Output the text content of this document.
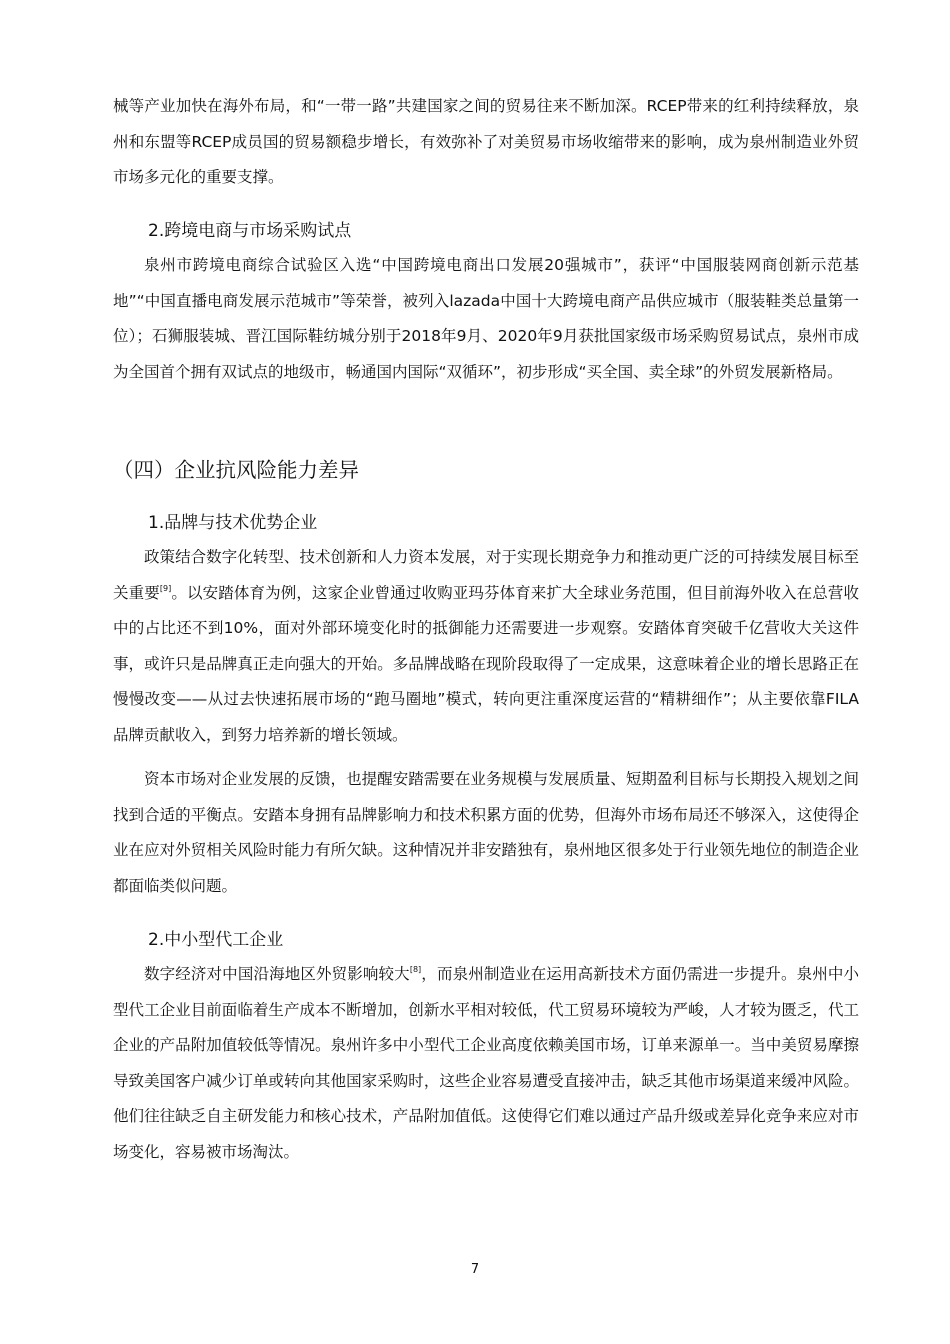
械等产业加快在海外布局，和“一带一路”共建国家之间的贸易往来不断加深。RCEP带来的红利持续释放，泉州和东盟等RCEP成员国的贸易额稳步增长，有效弥补了对美贸易市场收缩带来的影响，成为泉州制造业外贸市场多元化的重要支撑。

2.跨境电商与市场采购试点

泉州市跨境电商综合试验区入选“中国跨境电商出口发展20强城市”，获评“中国服装网商创新示范基地”“中国直播电商发展示范城市”等荣誉，被列入lazada中国十大跨境电商产品供应城市（服装鞋类总量第一位）；石狮服装城、晋江国际鞋纺城分别于2018年9月、2020年9月获批国家级市场采购贸易试点，泉州市成为全国首个拥有双试点的地级市，畅通国内国际“双循环”，初步形成“买全国、卖全球”的外贸发展新格局。

（四）企业抗风险能力差异
1.品牌与技术优势企业

政策结合数字化转型、技术创新和人力资本发展，对于实现长期竞争力和推动更广泛的可持续发展目标至关重要[9]。以安踏体育为例，这家企业曾通过收购亚玛芬体育来扩大全球业务范围，但目前海外收入在总营收中的占比还不到10%，面对外部环境变化时的抵御能力还需要进一步观察。安踏体育突破千亿营收大关这件事，或许只是品牌真正走向强大的开始。多品牌战略在现阶段取得了一定成果，这意味着企业的增长思路正在慢慢改变——从过去快速拓展市场的“跑马圈地”模式，转向更注重深度运营的“精耕细作”；从主要依靠FILA品牌贡献收入，到努力培养新的增长领域。

资本市场对企业发展的反馈，也提醒安踏需要在业务规模与发展质量、短期盈利目标与长期投入规划之间找到合适的平衡点。安踏本身拥有品牌影响力和技术积累方面的优势，但海外市场布局还不够深入，这使得企业在应对外贸相关风险时能力有所欠缺。这种情况并非安踏独有，泉州地区很多处于行业领先地位的制造企业都面临类似问题。

2.中小型代工企业

数字经济对中国沿海地区外贸影响较大[8]，而泉州制造业在运用高新技术方面仍需进一步提升。泉州中小型代工企业目前面临着生产成本不断增加，创新水平相对较低，代工贸易环境较为严峻，人才较为匮乏，代工企业的产品附加值较低等情况。泉州许多中小型代工企业高度依赖美国市场，订单来源单一。当中美贸易摩擦导致美国客户减少订单或转向其他国家采购时，这些企业容易遭受直接冲击，缺乏其他市场渠道来缓冲风险。他们往往缺乏自主研发能力和核心技术，产品附加值低。这使得它们难以通过产品升级或差异化竞争来应对市场变化，容易被市场淘汰。

7
